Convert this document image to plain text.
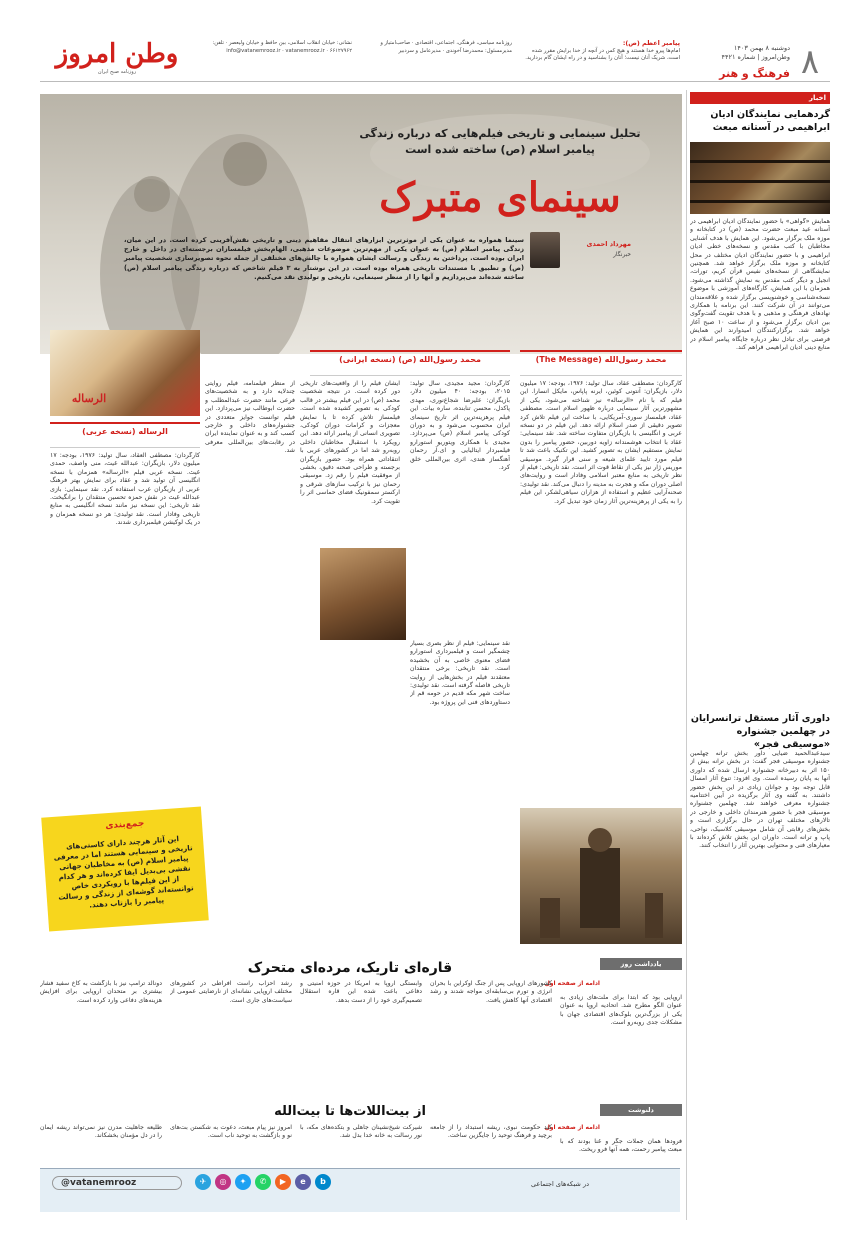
وطن امروز
روزنامه صبح ایران
روزنامه سیاسی، فرهنگی، اجتماعی، اقتصادی · صاحب‌امتیاز و مدیرمسئول: محمدرضا آخوندی · مدیرعامل و سردبیر
نشانی: خیابان انقلاب اسلامی، بین حافظ و خیابان ولیعصر · تلفن: ۶۶۱۲۷۹۶۲ · info@vatanemrooz.ir · vatanemrooz.ir
پیامبر اعظم (ص):
امام‌ها پیرو خدا هستند و هیچ کس در آنچه از خدا برایش مقرر شده است، شریک آنان نیست؛ آنان را بشناسید و در راه ایشان گام بردارید.
دوشنبه ۸ بهمن ۱۴۰۳
وطن‌امروز | شماره ۴۴۲۱
فرهنگ و هنر ۸
اخبار
گردهمایی نمایندگان ادیان ابراهیمی در آستانه مبعث
همایش «گواهی» با حضور نمایندگان ادیان ابراهیمی در آستانه عید مبعث حضرت محمد (ص) در کتابخانه و موزه ملک برگزار می‌شود. این همایش با هدف آشنایی مخاطبان با کتب مقدس و نسخه‌های خطی ادیان ابراهیمی و با حضور نمایندگان ادیان مختلف در محل کتابخانه و موزه ملک برگزار خواهد شد. همچنین نمایشگاهی از نسخه‌های نفیس قرآن کریم، تورات، انجیل و دیگر کتب مقدس به نمایش گذاشته می‌شود. همزمان با این همایش، کارگاه‌های آموزشی با موضوع نسخه‌شناسی و خوشنویسی برگزار شده و علاقه‌مندان می‌توانند در آن شرکت کنند. این برنامه با همکاری نهادهای فرهنگی و مذهبی و با هدف تقویت گفت‌وگوی بین ادیان برگزار می‌شود و از ساعت ۱۰ صبح آغاز خواهد شد. برگزارکنندگان امیدوارند این همایش فرصتی برای تبادل نظر درباره جایگاه پیامبر اسلام در منابع دینی ادیان ابراهیمی فراهم کند.
داوری آثار مستقل ترانسرایان در چهلمین جشنواره «موسیقی فجر»
سیدعبدالحمید ضیایی داور بخش ترانه چهلمین جشنواره موسیقی فجر گفت: در بخش ترانه بیش از ۱۵۰ اثر به دبیرخانه جشنواره ارسال شده که داوری آنها به پایان رسیده است. وی افزود: تنوع آثار امسال قابل توجه بود و جوانان زیادی در این بخش حضور داشتند. به گفته وی آثار برگزیده در آیین اختتامیه جشنواره معرفی خواهند شد. چهلمین جشنواره موسیقی فجر با حضور هنرمندان داخلی و خارجی در تالارهای مختلف تهران در حال برگزاری است و بخش‌های رقابتی آن شامل موسیقی کلاسیک، نواحی، پاپ و ترانه است. داوران این بخش تلاش کرده‌اند با معیارهای فنی و محتوایی بهترین آثار را انتخاب کنند.
تحلیل سینمایی و تاریخی فیلم‌هایی که درباره زندگی پیامبر اسلام (ص) ساخته شده است
سینمای متبرک
مهرداد احمدی
خبرنگار
سینما همواره به عنوان یکی از موثرترین ابزارهای انتقال مفاهیم دینی و تاریخی نقش‌آفرینی کرده است. در این میان، زندگی پیامبر اسلام (ص) به عنوان یکی از مهم‌ترین موضوعات مذهبی، الهام‌بخش فیلمسازان برجسته‌ای در داخل و خارج ایران بوده است. پرداختن به زندگی و رسالت ایشان همواره با چالش‌های مختلفی از جمله نحوه تصویرسازی شخصیت پیامبر (ص) و تطبیق با مستندات تاریخی همراه بوده است. در این نوشتار به ۳ فیلم شاخص که درباره زندگی پیامبر اسلام (ص) ساخته شده‌اند می‌پردازیم و آنها را از منظر سینمایی، تاریخی و تولیدی نقد می‌کنیم.
محمد رسول‌الله (The Message)
محمد رسول‌الله (ص) (نسخه ایرانی)
کارگردان: مصطفی عقاد، سال تولید: ۱۹۷۶، بودجه: ۱۷ میلیون دلار، بازیگران: آنتونی کوئین، ایرنه پاپاس، مایکل انسارا. این فیلم که با نام «الرساله» نیز شناخته می‌شود، یکی از مشهورترین آثار سینمایی درباره ظهور اسلام است. مصطفی عقاد، فیلمساز سوری-آمریکایی، با ساخت این فیلم تلاش کرد تصویر دقیقی از صدر اسلام ارائه دهد. این فیلم در دو نسخه عربی و انگلیسی با بازیگران متفاوت ساخته شد. نقد سینمایی: عقاد با انتخاب هوشمندانه زاویه دوربین، حضور پیامبر را بدون نمایش مستقیم ایشان به تصویر کشید. این تکنیک باعث شد تا فیلم مورد تایید علمای شیعه و سنی قرار گیرد. موسیقی موریس ژار نیز یکی از نقاط قوت اثر است. نقد تاریخی: فیلم از نظر تاریخی به منابع معتبر اسلامی وفادار است و روایت‌های اصلی دوران مکه و هجرت به مدینه را دنبال می‌کند. نقد تولیدی: صحنه‌آرایی عظیم و استفاده از هزاران سیاهی‌لشکر، این فیلم را به یکی از پرهزینه‌ترین آثار زمان خود تبدیل کرد.
کارگردان: مجید مجیدی، سال تولید: ۲۰۱۵، بودجه: ۴۰ میلیون دلار، بازیگران: علیرضا شجاع‌نوری، مهدی پاکدل، محسن تنابنده، ساره بیات. این فیلم پرهزینه‌ترین اثر تاریخ سینمای ایران محسوب می‌شود و به دوران کودکی پیامبر اسلام (ص) می‌پردازد. مجیدی با همکاری ویتوریو استورارو فیلمبردار ایتالیایی و ای.آر رحمان آهنگساز هندی، اثری بین‌المللی خلق کرد.
نقد سینمایی: فیلم از نظر بصری بسیار چشمگیر است و فیلمبرداری استورارو فضای معنوی خاصی به آن بخشیده است. نقد تاریخی: برخی منتقدان معتقدند فیلم در بخش‌هایی از روایت تاریخی فاصله گرفته است. نقد تولیدی: ساخت شهر مکه قدیم در حومه قم از دستاوردهای فنی این پروژه بود.
ایشان فیلم را از واقعیت‌های تاریخی دور کرده است. در نتیجه شخصیت محمد (ص) در این فیلم بیشتر در قالب کودکی به تصویر کشیده شده است. فیلمساز تلاش کرده تا با نمایش معجزات و کرامات دوران کودکی، تصویری انسانی از پیامبر ارائه دهد. این رویکرد با استقبال مخاطبان داخلی روبه‌رو شد اما در کشورهای عربی با انتقاداتی همراه بود. حضور بازیگران برجسته و طراحی صحنه دقیق، بخشی از موفقیت فیلم را رقم زد. موسیقی رحمان نیز با ترکیب سازهای شرقی و ارکستر سمفونیک فضای حماسی اثر را تقویت کرد.
از منظر فیلمنامه، فیلم روایتی چندلایه دارد و به شخصیت‌های فرعی مانند حضرت عبدالمطلب و حضرت ابوطالب نیز می‌پردازد. این فیلم توانست جوایز متعددی در جشنواره‌های داخلی و خارجی کسب کند و به عنوان نماینده ایران در رقابت‌های بین‌المللی معرفی شد.
الرساله
الرساله (نسخه عربی)
کارگردان: مصطفی العقاد، سال تولید: ۱۹۷۶، بودجه: ۱۷ میلیون دلار، بازیگران: عبدالله غیث، منی واصف، حمدی غیث. نسخه عربی فیلم «الرساله» همزمان با نسخه انگلیسی آن تولید شد و عقاد برای نمایش بهتر فرهنگ عربی از بازیگران عرب استفاده کرد. نقد سینمایی: بازی عبدالله غیث در نقش حمزه تحسین منتقدان را برانگیخت. نقد تاریخی: این نسخه نیز مانند نسخه انگلیسی به منابع تاریخی وفادار است. نقد تولیدی: هر دو نسخه همزمان و در یک لوکیشن فیلمبرداری شدند.
جمع‌بندی
این آثار هرچند دارای کاستی‌های تاریخی و سینمایی هستند اما در معرفی پیامبر اسلام (ص) به مخاطبان جهانی نقشی بی‌بدیل ایفا کرده‌اند و هر کدام از این فیلم‌ها با رویکردی خاص توانسته‌اند گوشه‌ای از زندگی و رسالت پیامبر را بازتاب دهند.
یادداشت روز
قاره‌ای تاریک، مرده‌ای متحرک
ادامه از صفحه اول
اروپایی بود که ابتدا برای ملت‌های زیادی به عنوان الگو مطرح شد. اتحادیه اروپا به عنوان یکی از بزرگ‌ترین بلوک‌های اقتصادی جهان با مشکلات جدی روبه‌رو است.
کشورهای اروپایی پس از جنگ اوکراین با بحران انرژی و تورم بی‌سابقه‌ای مواجه شدند و رشد اقتصادی آنها کاهش یافت.
وابستگی اروپا به آمریکا در حوزه امنیتی و دفاعی باعث شده این قاره استقلال تصمیم‌گیری خود را از دست بدهد.
رشد احزاب راست افراطی در کشورهای مختلف اروپایی نشانه‌ای از نارضایتی عمومی از سیاست‌های جاری است.
دونالد ترامپ نیز با بازگشت به کاخ سفید فشار بیشتری بر متحدان اروپایی برای افزایش هزینه‌های دفاعی وارد کرده است.
دلنوشت
از بیت‌اللات‌ها تا بیت‌الله
ادامه از صفحه اول
فرودها همان جملات جگر و غنا بودند که با مبعث پیامبر رحمت، همه آنها فرو ریخت.
کند حکومت نبوی، ریشه استبداد را از جامعه برچید و فرهنگ توحید را جایگزین ساخت.
شیرکت شیخ‌نشینان جاهلی و بتکده‌های مکه، با نور رسالت به خانه خدا بدل شد.
امروز نیز پیام مبعث، دعوت به شکستن بت‌های نو و بازگشت به توحید ناب است.
طلیعه جاهلیت مدرن نیز نمی‌تواند ریشه ایمان را در دل مؤمنان بخشکاند.
در شبکه‌های اجتماعی
@vatanemrooz	✈	◎	✦	✆	▶	e	b
